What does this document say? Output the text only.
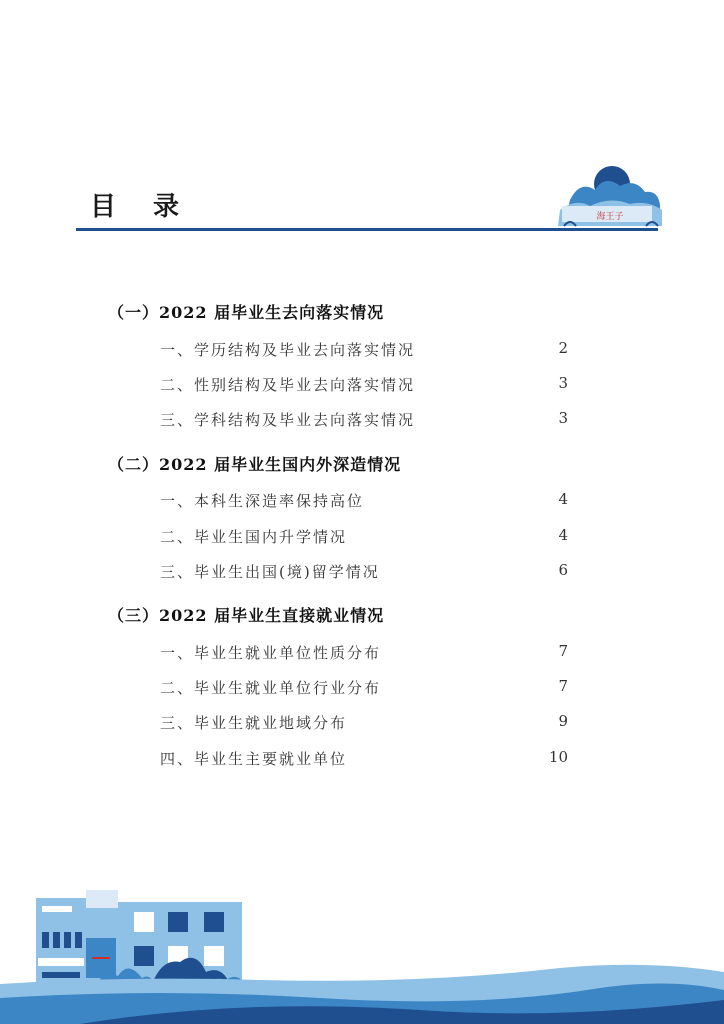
目 录	海王子
（一）2022 届毕业生去向落实情况
一、学历结构及毕业去向落实情况	2
二、性别结构及毕业去向落实情况	3
三、学科结构及毕业去向落实情况	3
（二）2022 届毕业生国内外深造情况
一、本科生深造率保持高位	4
二、毕业生国内升学情况	4
三、毕业生出国(境)留学情况	6
（三）2022 届毕业生直接就业情况
一、毕业生就业单位性质分布	7
二、毕业生就业单位行业分布	7
三、毕业生就业地域分布	9
四、毕业生主要就业单位	10
